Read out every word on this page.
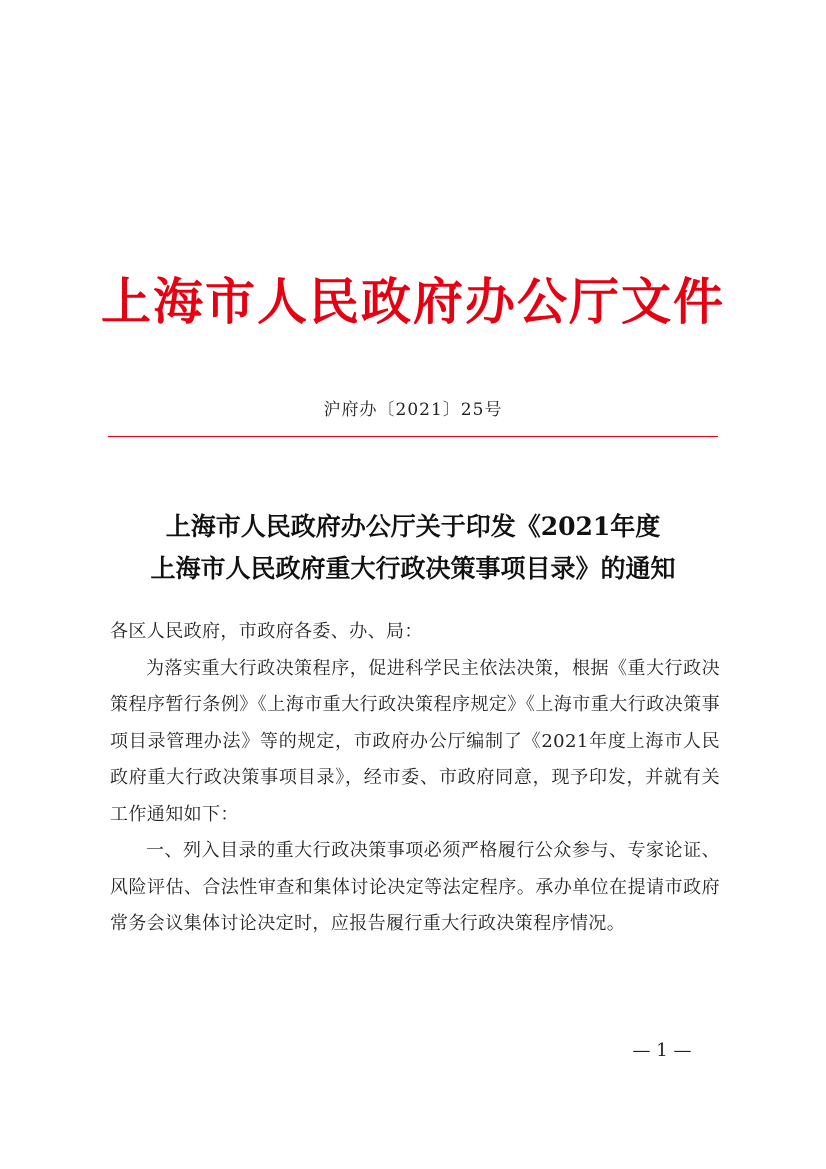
上海市人民政府办公厅文件
沪府办〔2021〕25号
上海市人民政府办公厅关于印发《2021年度
上海市人民政府重大行政决策事项目录》的通知

各区人民政府，市政府各委、办、局：

为落实重大行政决策程序，促进科学民主依法决策，根据《重大行政决策程序暂行条例》《上海市重大行政决策程序规定》《上海市重大行政决策事项目录管理办法》等的规定，市政府办公厅编制了《2021年度上海市人民政府重大行政决策事项目录》，经市委、市政府同意，现予印发，并就有关工作通知如下：

一、列入目录的重大行政决策事项必须严格履行公众参与、专家论证、风险评估、合法性审查和集体讨论决定等法定程序。承办单位在提请市政府常务会议集体讨论决定时，应报告履行重大行政决策程序情况。

— 1 —
